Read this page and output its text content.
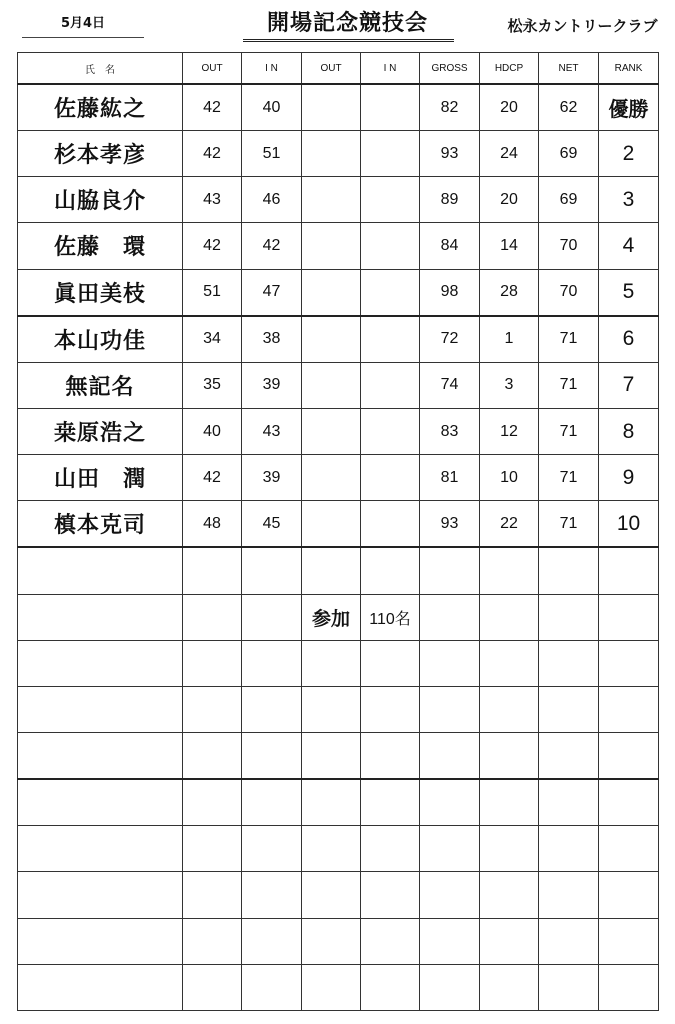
5月4日	開場記念競技会	松永カントリークラブ
氏　名	OUT	I N	OUT	I N	GROSS	HDCP	NET	RANK
佐藤紘之	42	40			82	20	62	優勝
杉本孝彦	42	51			93	24	69	2
山脇良介	43	46			89	20	69	3
佐藤　環	42	42			84	14	70	4
眞田美枝	51	47			98	28	70	5
本山功佳	34	38			72	1	71	6
無記名	35	39			74	3	71	7
桒原浩之	40	43			83	12	71	8
山田　潤	42	39			81	10	71	9
槙本克司	48	45			93	22	71	10

			参加	110名				
